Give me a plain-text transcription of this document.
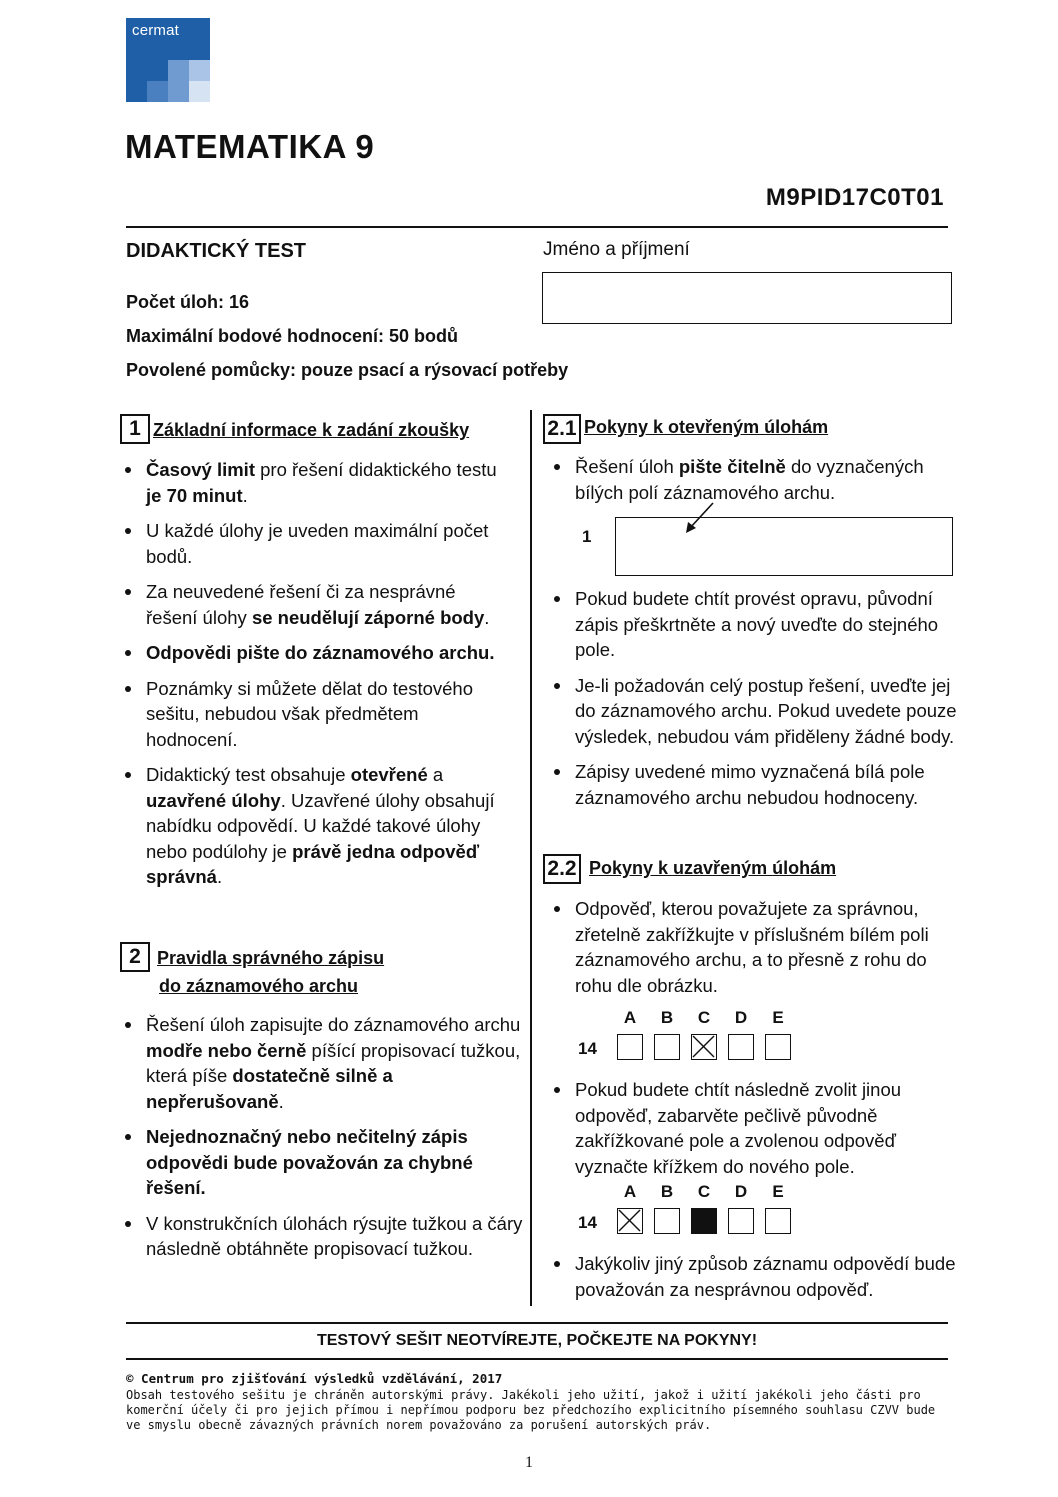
cermat
MATEMATIKA 9
M9PID17C0T01
DIDAKTICKÝ TEST	Jméno a příjmení
Počet úloh: 16
Maximální bodové hodnocení: 50 bodů
Povolené pomůcky: pouze psací a rýsovací potřeby
1 Základní informace k zadání zkoušky
Časový limit pro řešení didaktického testu je 70 minut.
U každé úlohy je uveden maximální počet bodů.
Za neuvedené řešení či za nesprávné řešení úlohy se neudělují záporné body.
Odpovědi pište do záznamového archu.
Poznámky si můžete dělat do testového sešitu, nebudou však předmětem hodnocení.
Didaktický test obsahuje otevřené a uzavřené úlohy. Uzavřené úlohy obsahují nabídku odpovědí. U každé takové úlohy nebo podúlohy je právě jedna odpověď správná.
2 Pravidla správného zápisu
do záznamového archu
Řešení úloh zapisujte do záznamového archu modře nebo černě píšící propisovací tužkou, která píše dostatečně silně a nepřerušovaně.
Nejednoznačný nebo nečitelný zápis odpovědi bude považován za chybné řešení.
V konstrukčních úlohách rýsujte tužkou a čáry následně obtáhněte propisovací tužkou.
2.1 Pokyny k otevřeným úlohám
Řešení úloh pište čitelně do vyznačených bílých polí záznamového archu.
1
Pokud budete chtít provést opravu, původní zápis přeškrtněte a nový uveďte do stejného pole.
Je-li požadován celý postup řešení, uveďte jej do záznamového archu. Pokud uvedete pouze výsledek, nebudou vám přiděleny žádné body.
Zápisy uvedené mimo vyznačená bílá pole záznamového archu nebudou hodnoceny.
2.2 Pokyny k uzavřeným úlohám
Odpověď, kterou považujete za správnou, zřetelně zakřížkujte v příslušném bílém poli záznamového archu, a to přesně z rohu do rohu dle obrázku.
A	B	C	D	E
14
Pokud budete chtít následně zvolit jinou odpověď, zabarvěte pečlivě původně zakřížkované pole a zvolenou odpověď vyznačte křížkem do nového pole.
A	B	C	D	E
14
Jakýkoliv jiný způsob záznamu odpovědí bude považován za nesprávnou odpověď.
TESTOVÝ SEŠIT NEOTVÍREJTE, POČKEJTE NA POKYNY!
© Centrum pro zjišťování výsledků vzdělávání, 2017
Obsah testového sešitu je chráněn autorskými právy. Jakékoli jeho užití, jakož i užití jakékoli jeho části pro komerční účely či pro jejich přímou i nepřímou podporu bez předchozího explicitního písemného souhlasu CZVV bude ve smyslu obecně závazných právních norem považováno za porušení autorských práv.
1
